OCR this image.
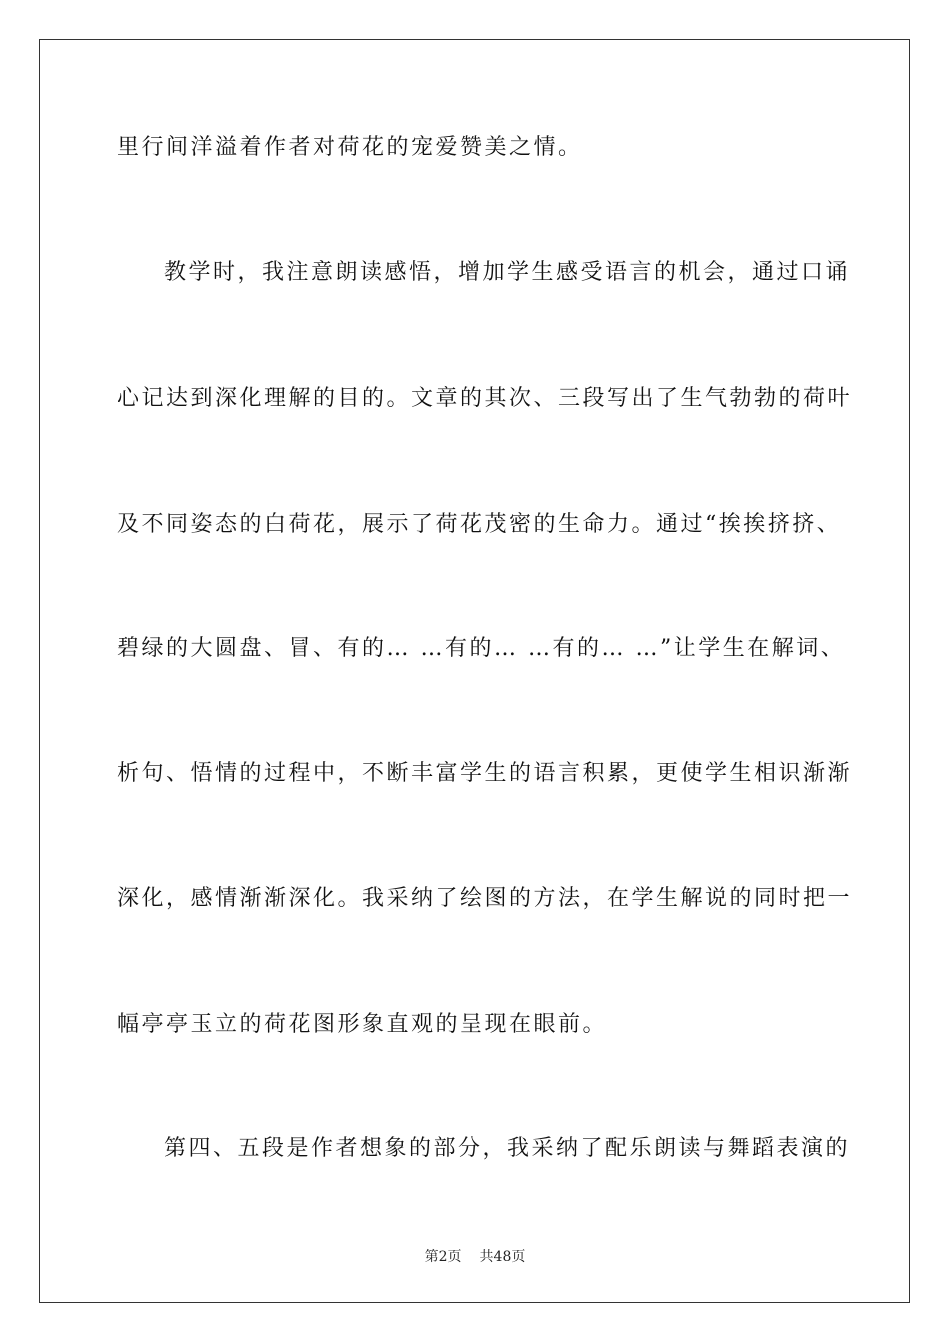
里行间洋溢着作者对荷花的宠爱赞美之情。
教学时，我注意朗读感悟，增加学生感受语言的机会，通过口诵
心记达到深化理解的目的。文章的其次、三段写出了生气勃勃的荷叶
及不同姿态的白荷花，展示了荷花茂密的生命力。通过“挨挨挤挤、
碧绿的大圆盘、冒、有的… …有的… …有的… …”让学生在解词、
析句、悟情的过程中，不断丰富学生的语言积累，更使学生相识渐渐
深化，感情渐渐深化。我采纳了绘图的方法，在学生解说的同时把一
幅亭亭玉立的荷花图形象直观的呈现在眼前。
第四、五段是作者想象的部分，我采纳了配乐朗读与舞蹈表演的
第2页 共48页
